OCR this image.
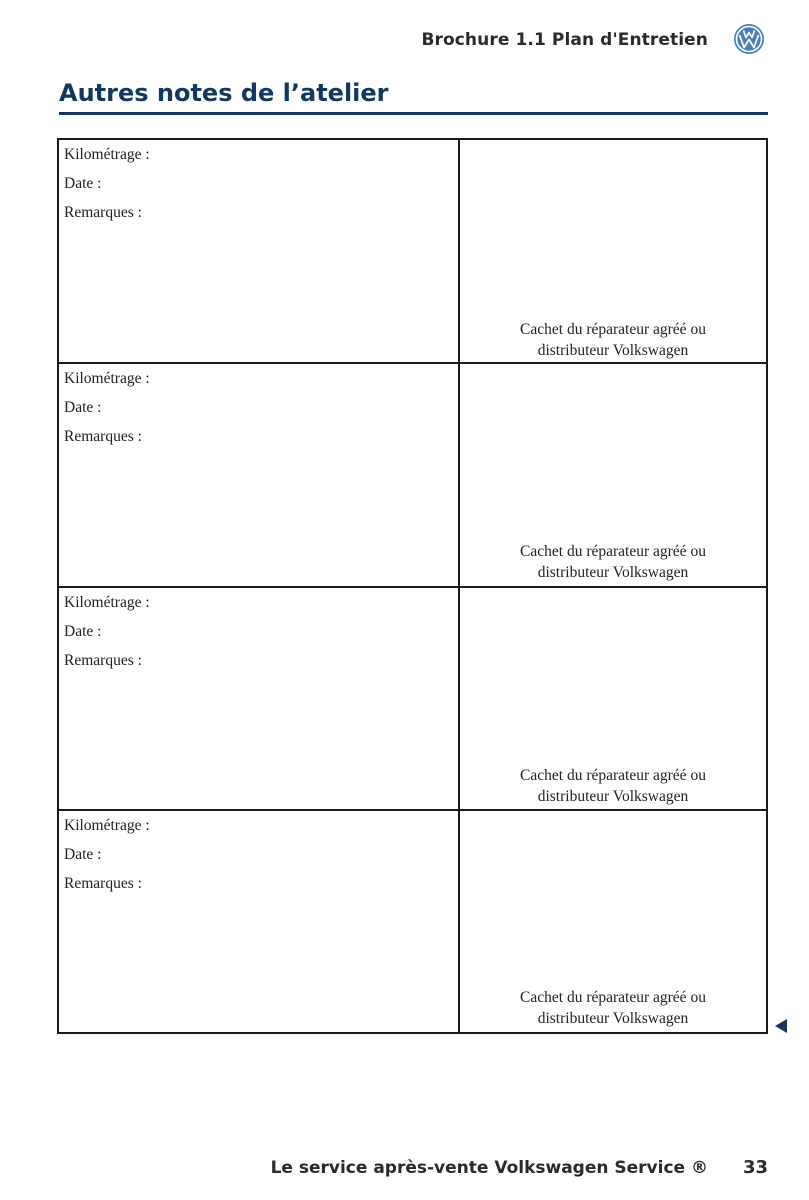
Brochure 1.1 Plan d'Entretien
Autres notes de l’atelier
Kilométrage :
Date :
Remarques :
Cachet du réparateur agréé ou
distributeur Volkswagen
Kilométrage :
Date :
Remarques :
Cachet du réparateur agréé ou
distributeur Volkswagen
Kilométrage :
Date :
Remarques :
Cachet du réparateur agréé ou
distributeur Volkswagen
Kilométrage :
Date :
Remarques :
Cachet du réparateur agréé ou
distributeur Volkswagen
Le service après-vente Volkswagen Service ® 33
